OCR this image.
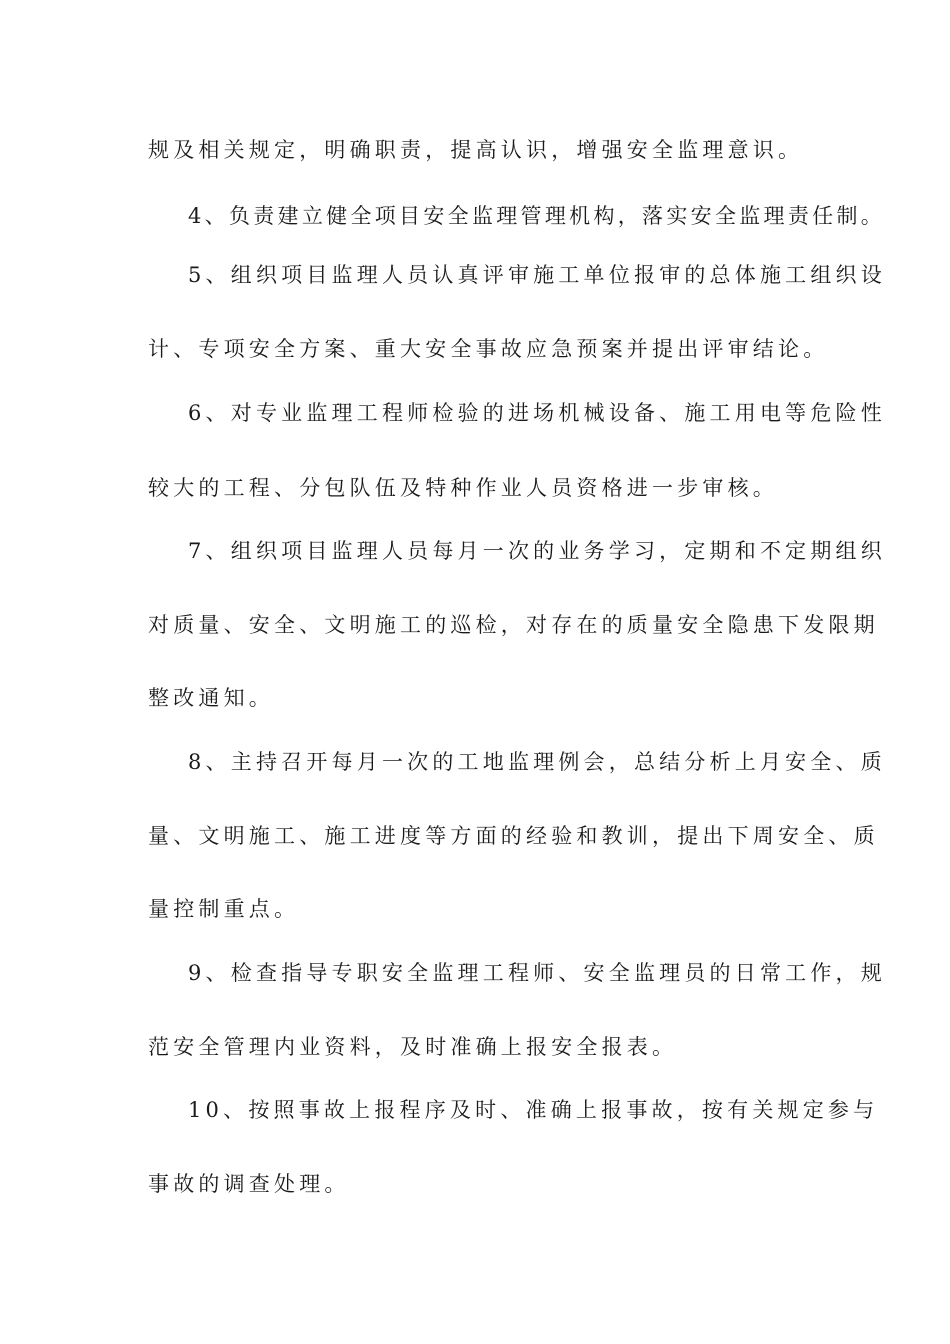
规及相关规定，明确职责，提高认识，增强安全监理意识。
4、负责建立健全项目安全监理管理机构，落实安全监理责任制。
5、组织项目监理人员认真评审施工单位报审的总体施工组织设
计、专项安全方案、重大安全事故应急预案并提出评审结论。
6、对专业监理工程师检验的进场机械设备、施工用电等危险性
较大的工程、分包队伍及特种作业人员资格进一步审核。
7、组织项目监理人员每月一次的业务学习，定期和不定期组织
对质量、安全、文明施工的巡检，对存在的质量安全隐患下发限期
整改通知。
8、主持召开每月一次的工地监理例会，总结分析上月安全、质
量、文明施工、施工进度等方面的经验和教训，提出下周安全、质
量控制重点。
9、检查指导专职安全监理工程师、安全监理员的日常工作，规
范安全管理内业资料，及时准确上报安全报表。
10、按照事故上报程序及时、准确上报事故，按有关规定参与
事故的调查处理。
